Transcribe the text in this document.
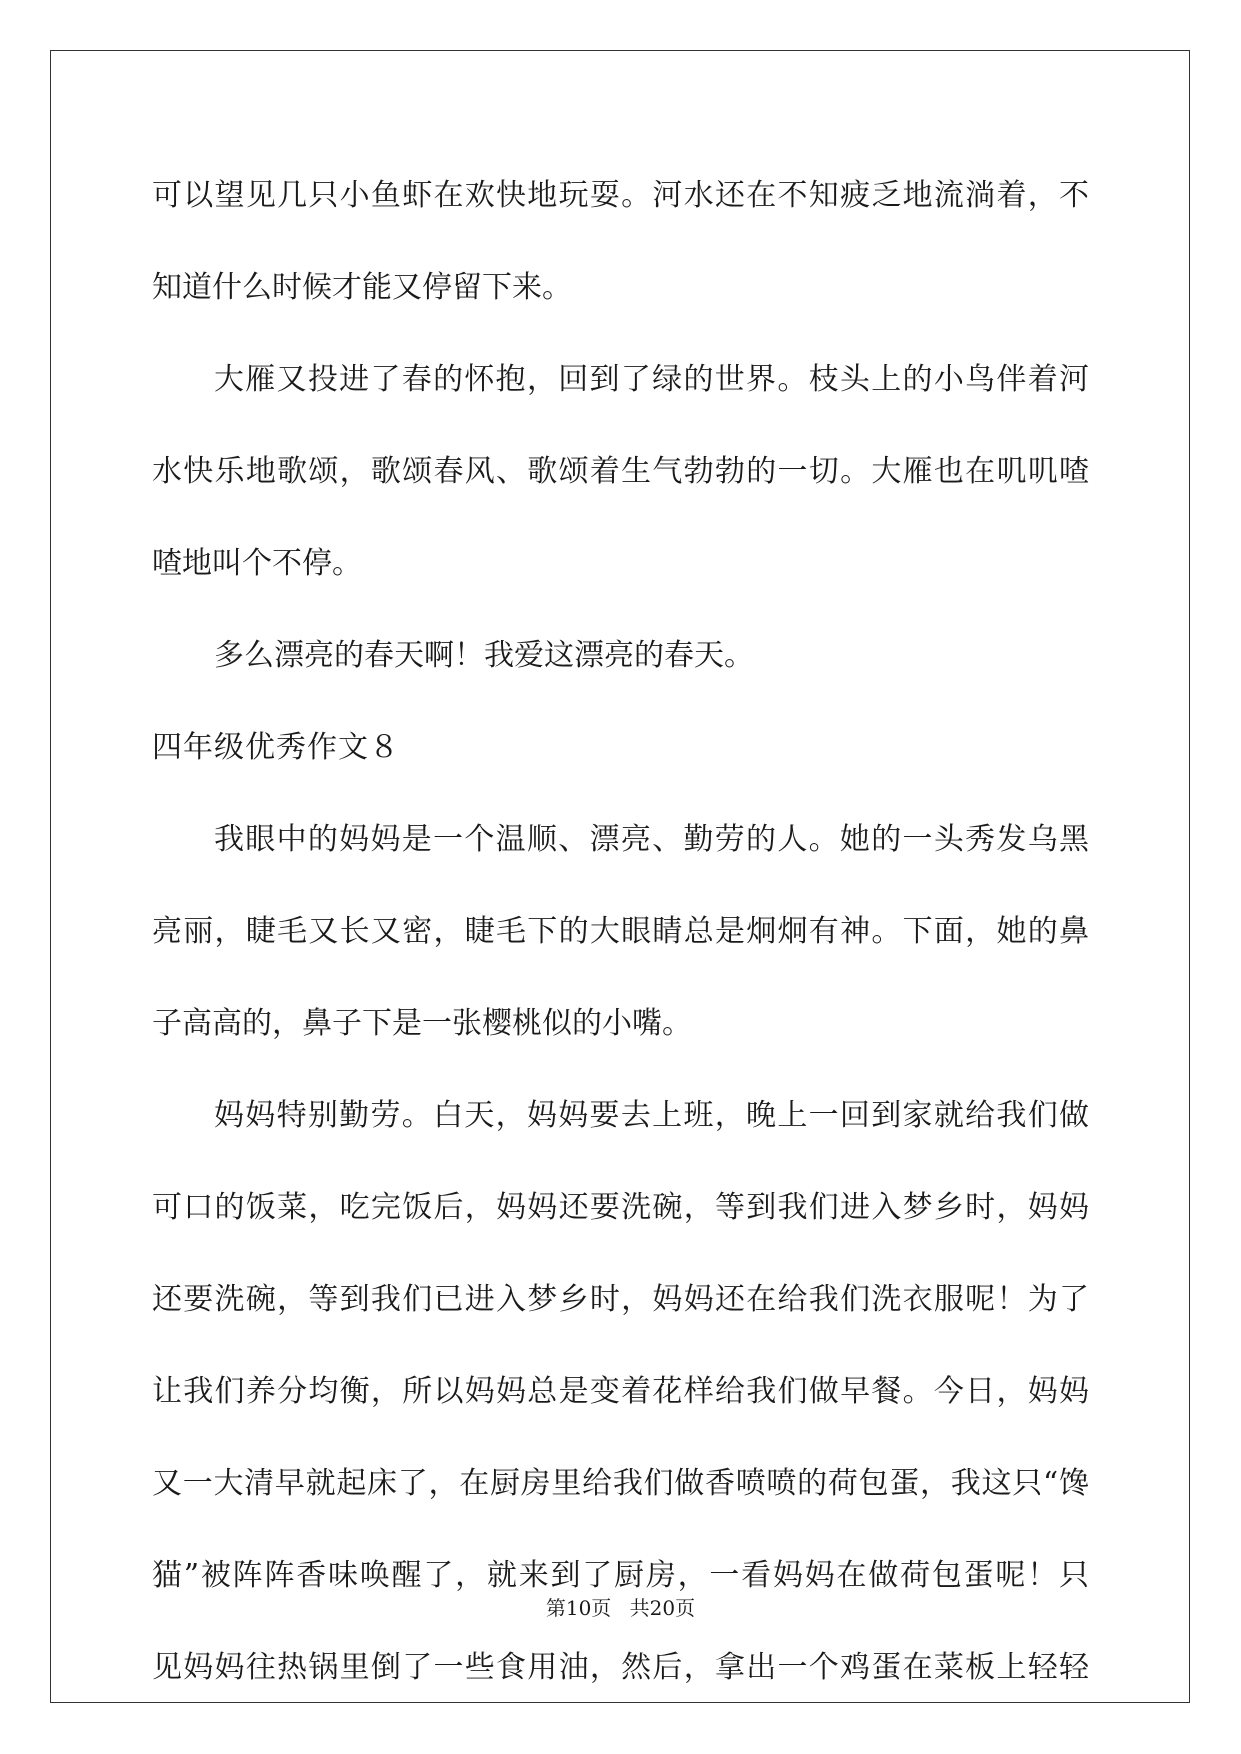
可以望见几只小鱼虾在欢快地玩耍。河水还在不知疲乏地流淌着，不
知道什么时候才能又停留下来。
大雁又投进了春的怀抱，回到了绿的世界。枝头上的小鸟伴着河
水快乐地歌颂，歌颂春风、歌颂着生气勃勃的一切。大雁也在叽叽喳
喳地叫个不停。
多么漂亮的春天啊！我爱这漂亮的春天。
四年级优秀作文８
我眼中的妈妈是一个温顺、漂亮、勤劳的人。她的一头秀发乌黑
亮丽，睫毛又长又密，睫毛下的大眼睛总是炯炯有神。下面，她的鼻
子高高的，鼻子下是一张樱桃似的小嘴。
妈妈特别勤劳。白天，妈妈要去上班，晚上一回到家就给我们做
可口的饭菜，吃完饭后，妈妈还要洗碗，等到我们进入梦乡时，妈妈
还要洗碗，等到我们已进入梦乡时，妈妈还在给我们洗衣服呢！为了
让我们养分均衡，所以妈妈总是变着花样给我们做早餐。今日，妈妈
又一大清早就起床了，在厨房里给我们做香喷喷的荷包蛋，我这只“馋
猫”被阵阵香味唤醒了，就来到了厨房，一看妈妈在做荷包蛋呢！只
见妈妈往热锅里倒了一些食用油，然后，拿出一个鸡蛋在菜板上轻轻
第10页 共20页
